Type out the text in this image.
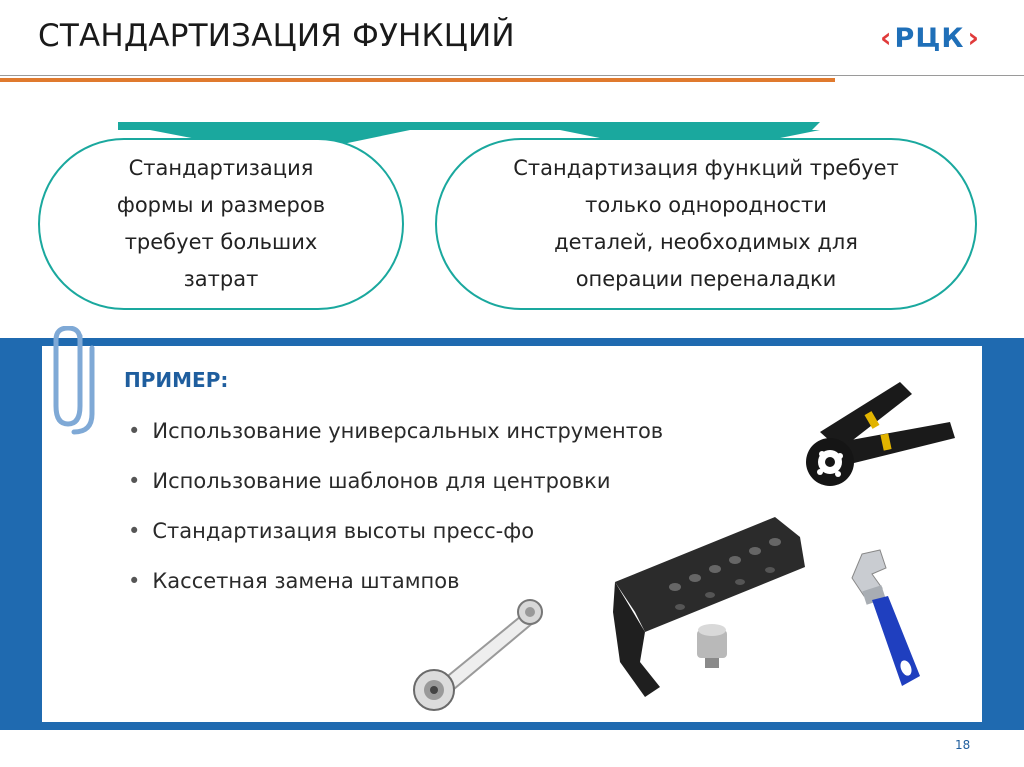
СТАНДАРТИЗАЦИЯ ФУНКЦИЙ	‹ РЦК ›
Стандартизация
формы и размеров
требует больших
затрат
Стандартизация функций требует
только однородности
деталей, необходимых для
операции переналадки
ПРИМЕР:
• Использование универсальных инструментов
• Использование шаблонов для центровки
• Стандартизация высоты пресс-фо
• Кассетная замена штампов
18
